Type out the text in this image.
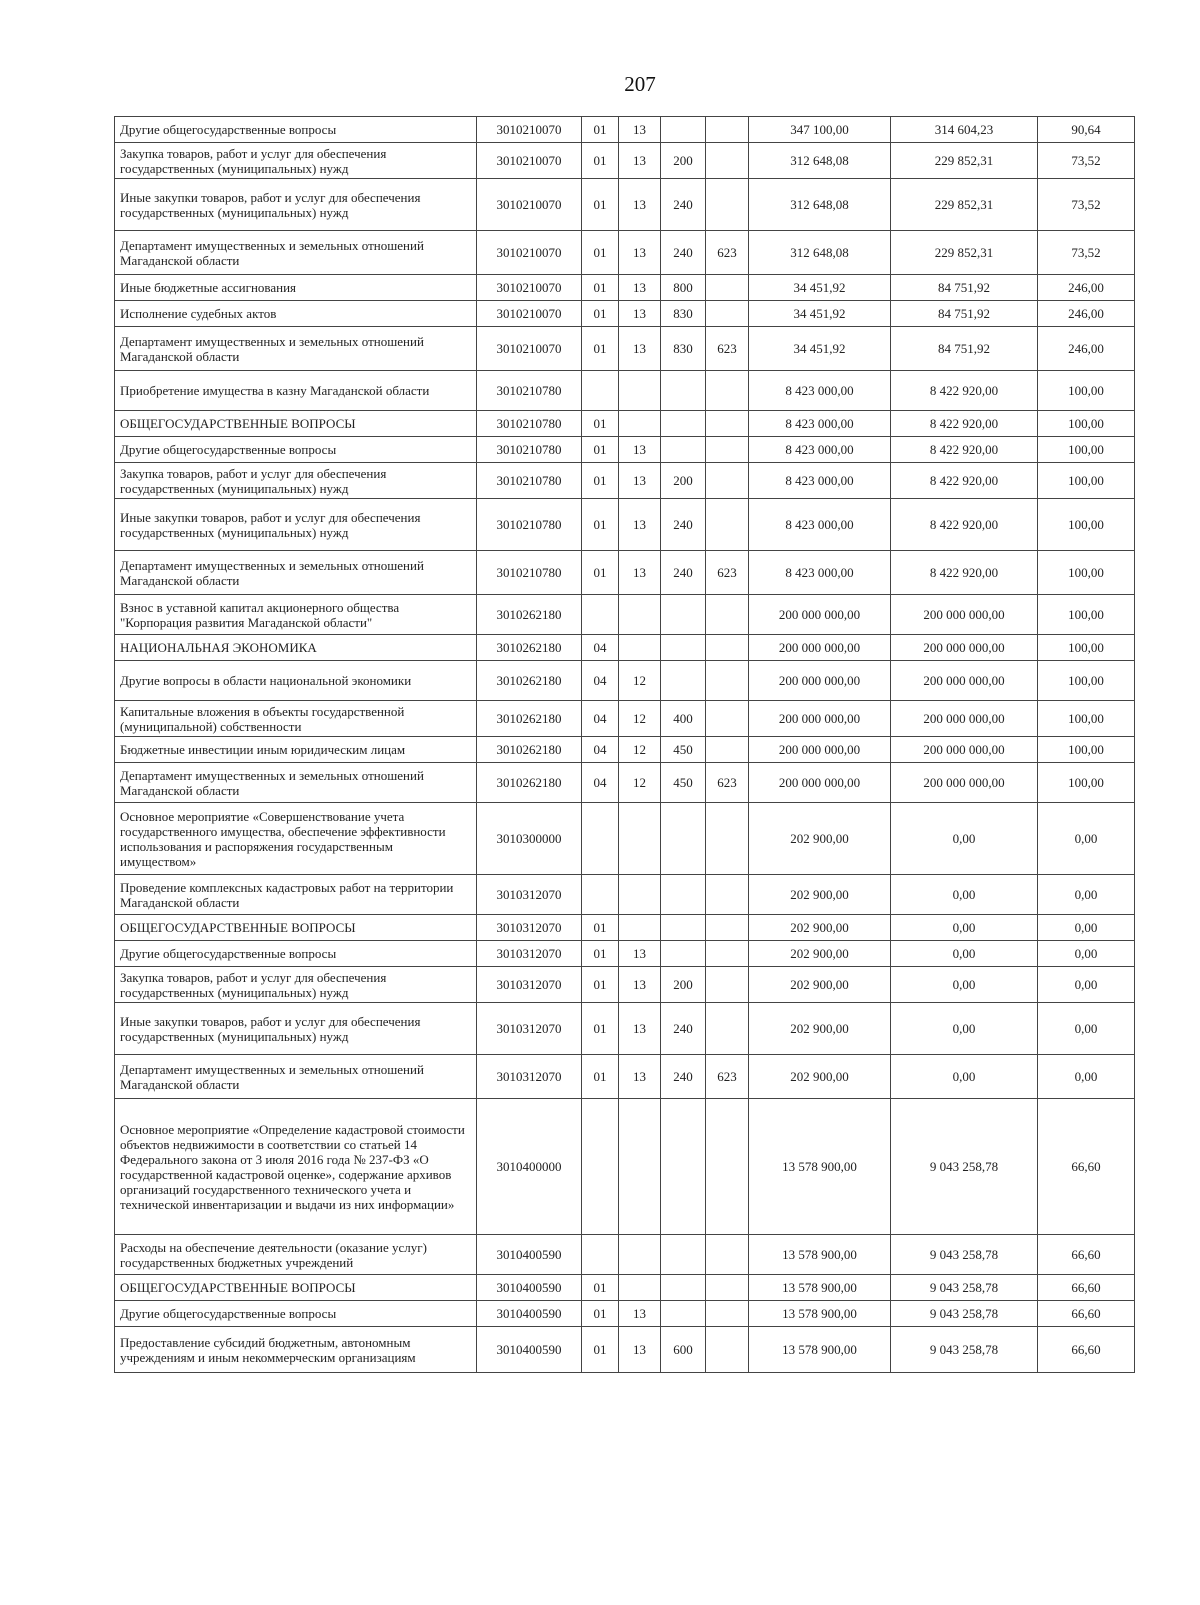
207
Другие общегосударственные вопросы	3010210070	01	13			347 100,00	314 604,23	90,64
Закупка товаров, работ и услуг для обеспечения государственных (муниципальных) нужд	3010210070	01	13	200		312 648,08	229 852,31	73,52
Иные закупки товаров, работ и услуг для обеспечения государственных (муниципальных) нужд	3010210070	01	13	240		312 648,08	229 852,31	73,52
Департамент имущественных и земельных отношений Магаданской области	3010210070	01	13	240	623	312 648,08	229 852,31	73,52
Иные бюджетные ассигнования	3010210070	01	13	800		34 451,92	84 751,92	246,00
Исполнение судебных актов	3010210070	01	13	830		34 451,92	84 751,92	246,00
Департамент имущественных и земельных отношений Магаданской области	3010210070	01	13	830	623	34 451,92	84 751,92	246,00
Приобретение имущества в казну Магаданской области	3010210780					8 423 000,00	8 422 920,00	100,00
ОБЩЕГОСУДАРСТВЕННЫЕ ВОПРОСЫ	3010210780	01				8 423 000,00	8 422 920,00	100,00
Другие общегосударственные вопросы	3010210780	01	13			8 423 000,00	8 422 920,00	100,00
Закупка товаров, работ и услуг для обеспечения государственных (муниципальных) нужд	3010210780	01	13	200		8 423 000,00	8 422 920,00	100,00
Иные закупки товаров, работ и услуг для обеспечения государственных (муниципальных) нужд	3010210780	01	13	240		8 423 000,00	8 422 920,00	100,00
Департамент имущественных и земельных отношений Магаданской области	3010210780	01	13	240	623	8 423 000,00	8 422 920,00	100,00
Взнос в уставной капитал акционерного общества "Корпорация развития Магаданской области"	3010262180					200 000 000,00	200 000 000,00	100,00
НАЦИОНАЛЬНАЯ ЭКОНОМИКА	3010262180	04				200 000 000,00	200 000 000,00	100,00
Другие вопросы в области национальной экономики	3010262180	04	12			200 000 000,00	200 000 000,00	100,00
Капитальные вложения в объекты государственной (муниципальной) собственности	3010262180	04	12	400		200 000 000,00	200 000 000,00	100,00
Бюджетные инвестиции иным юридическим лицам	3010262180	04	12	450		200 000 000,00	200 000 000,00	100,00
Департамент имущественных и земельных отношений Магаданской области	3010262180	04	12	450	623	200 000 000,00	200 000 000,00	100,00
Основное мероприятие «Совершенствование учета государственного имущества, обеспечение эффективности использования и распоряжения государственным имуществом»	3010300000					202 900,00	0,00	0,00
Проведение комплексных кадастровых работ на территории Магаданской области	3010312070					202 900,00	0,00	0,00
ОБЩЕГОСУДАРСТВЕННЫЕ ВОПРОСЫ	3010312070	01				202 900,00	0,00	0,00
Другие общегосударственные вопросы	3010312070	01	13			202 900,00	0,00	0,00
Закупка товаров, работ и услуг для обеспечения государственных (муниципальных) нужд	3010312070	01	13	200		202 900,00	0,00	0,00
Иные закупки товаров, работ и услуг для обеспечения государственных (муниципальных) нужд	3010312070	01	13	240		202 900,00	0,00	0,00
Департамент имущественных и земельных отношений Магаданской области	3010312070	01	13	240	623	202 900,00	0,00	0,00
Основное мероприятие «Определение кадастровой стоимости объектов недвижимости в соответствии со статьей 14 Федерального закона от 3 июля 2016 года № 237-ФЗ «О государственной кадастровой оценке», содержание архивов организаций государственного технического учета и технической инвентаризации и выдачи из них информации»	3010400000					13 578 900,00	9 043 258,78	66,60
Расходы на обеспечение деятельности (оказание услуг) государственных бюджетных учреждений	3010400590					13 578 900,00	9 043 258,78	66,60
ОБЩЕГОСУДАРСТВЕННЫЕ ВОПРОСЫ	3010400590	01				13 578 900,00	9 043 258,78	66,60
Другие общегосударственные вопросы	3010400590	01	13			13 578 900,00	9 043 258,78	66,60
Предоставление субсидий бюджетным, автономным учреждениям и иным некоммерческим организациям	3010400590	01	13	600		13 578 900,00	9 043 258,78	66,60
